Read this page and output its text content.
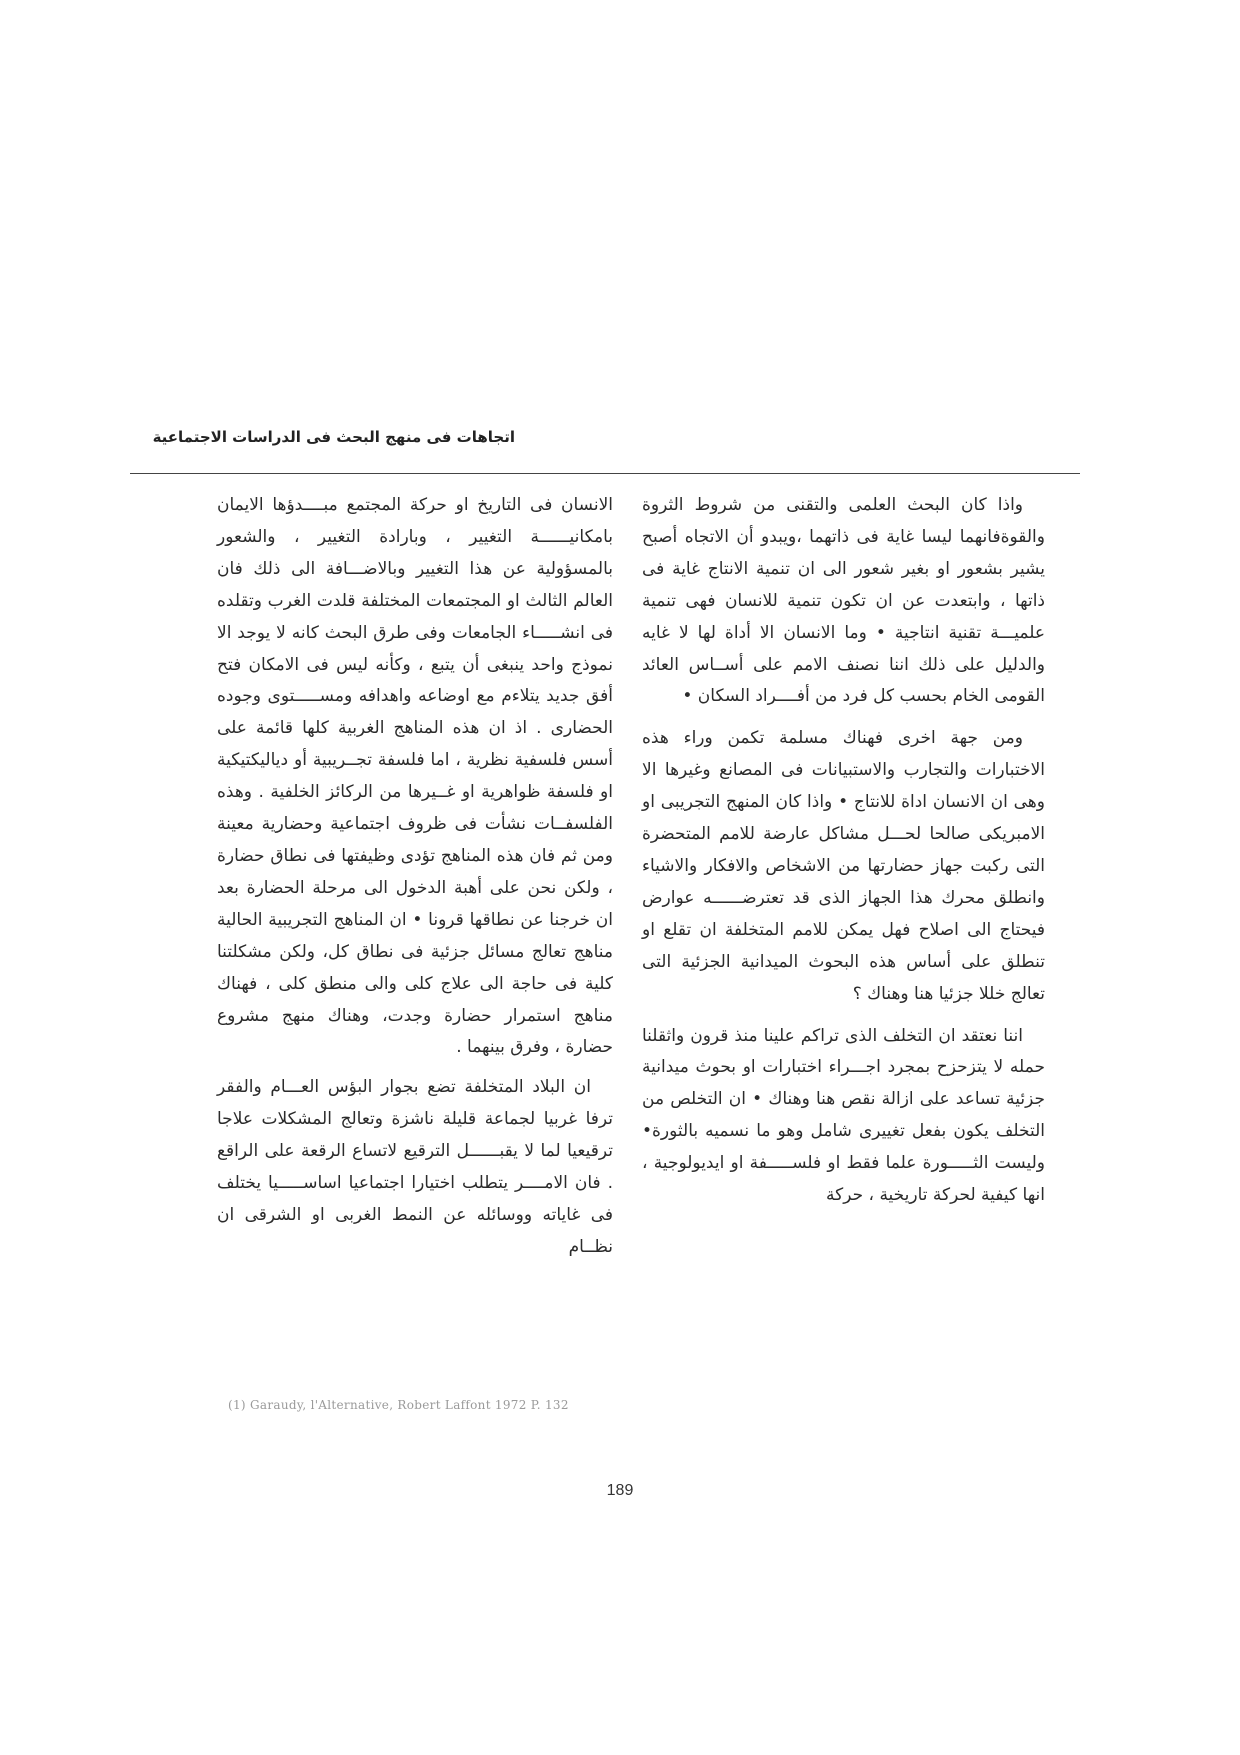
اتجاهات فى منهج البحث فى الدراسات الاجتماعية

واذا كان البحث العلمى والتقنى من شروط الثروة والقوةفانهما ليسا غاية فى ذاتهما ،ويبدو أن الاتجاه أصبح يشير بشعور او بغير شعور الى ان تنمية الانتاج غاية فى ذاتها ، وابتعدت عن ان تكون تنمية للانسان فهى تنمية علميـــة تقنية انتاجية • وما الانسان الا أداة لها لا غايه والدليل على ذلك اننا نصنف الامم على أســاس العائد القومى الخام بحسب كل فرد من أفــــراد السكان •

ومن جهة اخرى فهناك مسلمة تكمن وراء هذه الاختبارات والتجارب والاستبيانات فى المصانع وغيرها الا وهى ان الانسان اداة للانتاج • واذا كان المنهج التجريبى او الامبريكى صالحا لحـــل مشاكل عارضة للامم المتحضرة التى ركبت جهاز حضارتها من الاشخاص والافكار والاشياء وانطلق محرك هذا الجهاز الذى قد تعترضــــــه عوارض فيحتاج الى اصلاح فهل يمكن للامم المتخلفة ان تقلع او تنطلق على أساس هذه البحوث الميدانية الجزئية التى تعالج خللا جزئيا هنا وهناك ؟

اننا نعتقد ان التخلف الذى تراكم علينا منذ قرون واثقلنا حمله لا يتزحزح بمجرد اجـــراء اختبارات او بحوث ميدانية جزئية تساعد على ازالة نقص هنا وهناك • ان التخلص من التخلف يكون بفعل تغييرى شامل وهو ما نسميه بالثورة• وليست الثـــــورة علما فقط او فلســـــفة او ايديولوجية ، انها كيفية لحركة تاريخية ، حركة

الانسان فى التاريخ او حركة المجتمع مبــــدؤها الايمان بامكانيــــــة التغيير ، وبارادة التغيير ، والشعور بالمسؤولية عن هذا التغيير وبالاضـــافة الى ذلك فان العالم الثالث او المجتمعات المختلفة قلدت الغرب وتقلده فى انشـــــاء الجامعات وفى طرق البحث كانه لا يوجد الا نموذج واحد ينبغى أن يتبع ، وكأنه ليس فى الامكان فتح أفق جديد يتلاءم مع اوضاعه واهدافه ومســـــتوى وجوده الحضارى . اذ ان هذه المناهج الغربية كلها قائمة على أسس فلسفية نظرية ، اما فلسفة تجــريبية أو دياليكتيكية او فلسفة ظواهرية او غــيرها من الركائز الخلفية . وهذه الفلسفــات نشأت فى ظروف اجتماعية وحضارية معينة ومن ثم فان هذه المناهج تؤدى وظيفتها فى نطاق حضارة ، ولكن نحن على أهبة الدخول الى مرحلة الحضارة بعد ان خرجنا عن نطاقها قرونا • ان المناهج التجريبية الحالية مناهج تعالج مسائل جزئية فى نطاق كل، ولكن مشكلتنا كلية فى حاجة الى علاج كلى والى منطق كلى ، فهناك مناهج استمرار حضارة وجدت، وهناك منهج مشروع حضارة ، وفرق بينهما .

ان البلاد المتخلفة تضع بجوار البؤس العـــام والفقر ترفا غربيا لجماعة قليلة ناشزة وتعالج المشكلات علاجا ترقيعيا لما لا يقبــــــل الترقيع لاتساع الرقعة على الراقع . فان الامــــر يتطلب اختيارا اجتماعيا اساســـــيا يختلف فى غاياته ووسائله عن النمط الغربى او الشرقى ان نظــام

(1) Garaudy, l'Alternative, Robert Laffont 1972 P. 132
189
